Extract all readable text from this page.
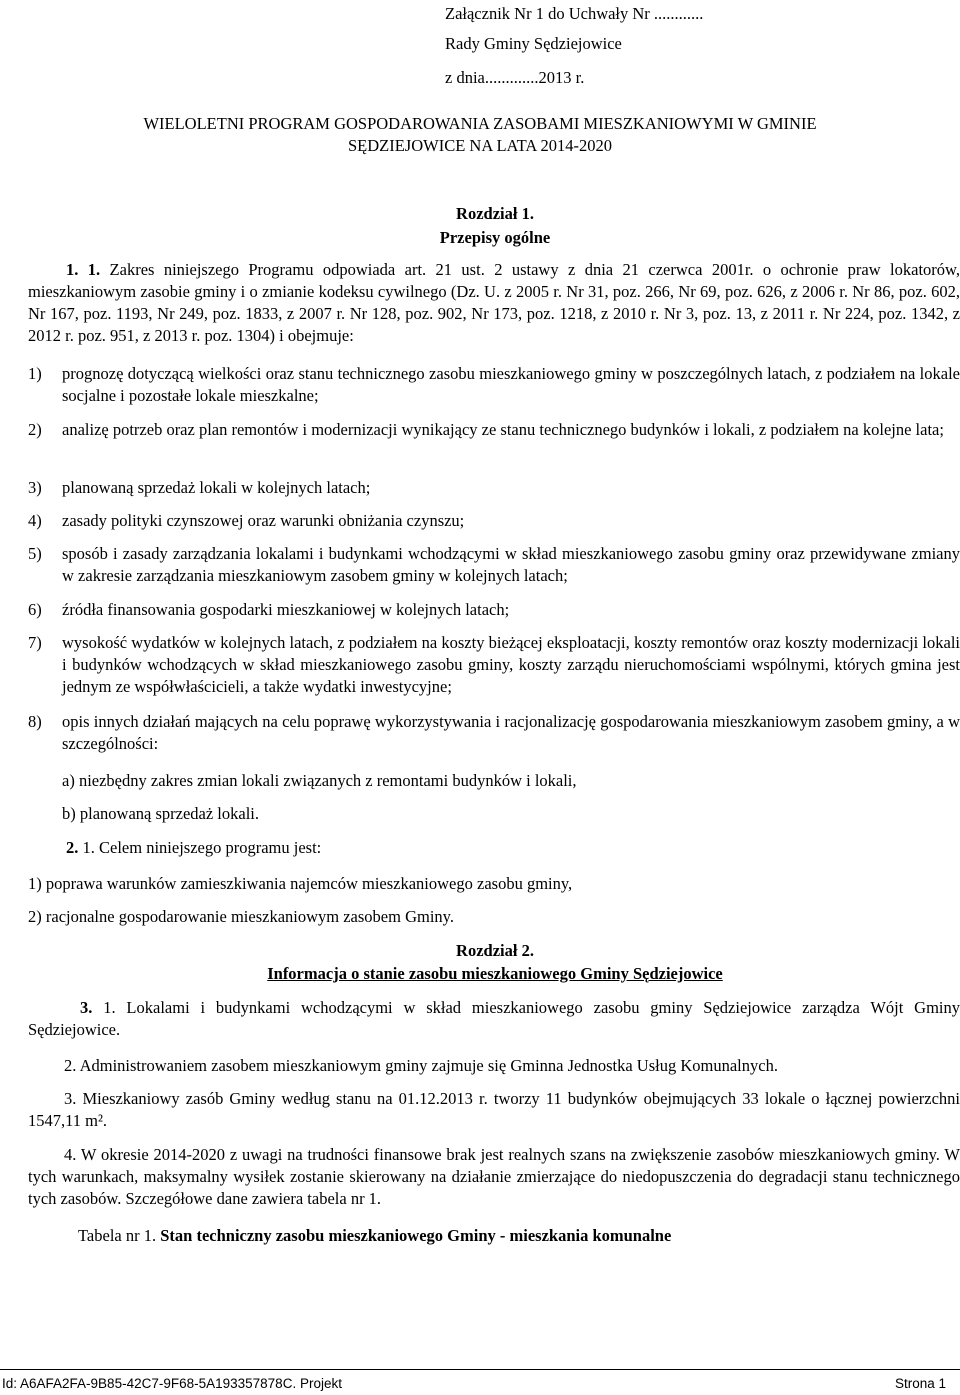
Załącznik Nr 1 do Uchwały Nr ............
Rady Gminy Sędziejowice
z dnia.............2013 r.
WIELOLETNI PROGRAM GOSPODAROWANIA ZASOBAMI MIESZKANIOWYMI W GMINIE
SĘDZIEJOWICE NA LATA 2014-2020
Rozdział 1.
Przepisy ogólne
1. 1. Zakres niniejszego Programu odpowiada art. 21 ust. 2 ustawy z dnia 21 czerwca 2001r. o ochronie praw lokatorów, mieszkaniowym zasobie gminy i o zmianie kodeksu cywilnego (Dz. U. z 2005 r. Nr 31, poz. 266, Nr 69, poz. 626, z 2006 r. Nr 86, poz. 602, Nr 167, poz. 1193, Nr 249, poz. 1833, z 2007 r. Nr 128, poz. 902, Nr 173, poz. 1218, z 2010 r. Nr 3, poz. 13, z 2011 r. Nr 224, poz. 1342, z 2012 r. poz. 951, z 2013 r. poz. 1304) i obejmuje:
1) prognozę dotyczącą wielkości oraz stanu technicznego zasobu mieszkaniowego gminy w poszczególnych latach, z podziałem na lokale socjalne i pozostałe lokale mieszkalne;

2) analizę potrzeb oraz plan remontów i modernizacji wynikający ze stanu technicznego budynków i lokali, z podziałem na kolejne lata;

3) planowaną sprzedaż lokali w kolejnych latach;

4) zasady polityki czynszowej oraz warunki obniżania czynszu;

5) sposób i zasady zarządzania lokalami i budynkami wchodzącymi w skład mieszkaniowego zasobu gminy oraz przewidywane zmiany w zakresie zarządzania mieszkaniowym zasobem gminy w kolejnych latach;

6) źródła finansowania gospodarki mieszkaniowej w kolejnych latach;

7) wysokość wydatków w kolejnych latach, z podziałem na koszty bieżącej eksploatacji, koszty remontów oraz koszty modernizacji lokali i budynków wchodzących w skład mieszkaniowego zasobu gminy, koszty zarządu nieruchomościami wspólnymi, których gmina jest jednym ze współwłaścicieli, a także wydatki inwestycyjne;

8) opis innych działań mających na celu poprawę wykorzystywania i racjonalizację gospodarowania mieszkaniowym zasobem gminy, a w szczególności:

a) niezbędny zakres zmian lokali związanych z remontami budynków i lokali,
b) planowaną sprzedaż lokali.
2. 1. Celem niniejszego programu jest:
1) poprawa warunków zamieszkiwania najemców mieszkaniowego zasobu gminy,
2) racjonalne gospodarowanie mieszkaniowym zasobem Gminy.
Rozdział 2.
Informacja o stanie zasobu mieszkaniowego Gminy Sędziejowice
3. 1. Lokalami i budynkami wchodzącymi w skład mieszkaniowego zasobu gminy Sędziejowice zarządza Wójt Gminy Sędziejowice.
2. Administrowaniem zasobem mieszkaniowym gminy zajmuje się Gminna Jednostka Usług Komunalnych.
3. Mieszkaniowy zasób Gminy według stanu na 01.12.2013 r. tworzy 11 budynków obejmujących 33 lokale o łącznej powierzchni 1547,11 m².
4. W okresie 2014-2020 z uwagi na trudności finansowe brak jest realnych szans na zwiększenie zasobów mieszkaniowych gminy. W tych warunkach, maksymalny wysiłek zostanie skierowany na działanie zmierzające do niedopuszczenia do degradacji stanu technicznego tych zasobów. Szczegółowe dane zawiera tabela nr 1.
Tabela nr 1. Stan techniczny zasobu mieszkaniowego Gminy - mieszkania komunalne
Id: A6AFA2FA-9B85-42C7-9F68-5A193357878C. Projekt	Strona 1
